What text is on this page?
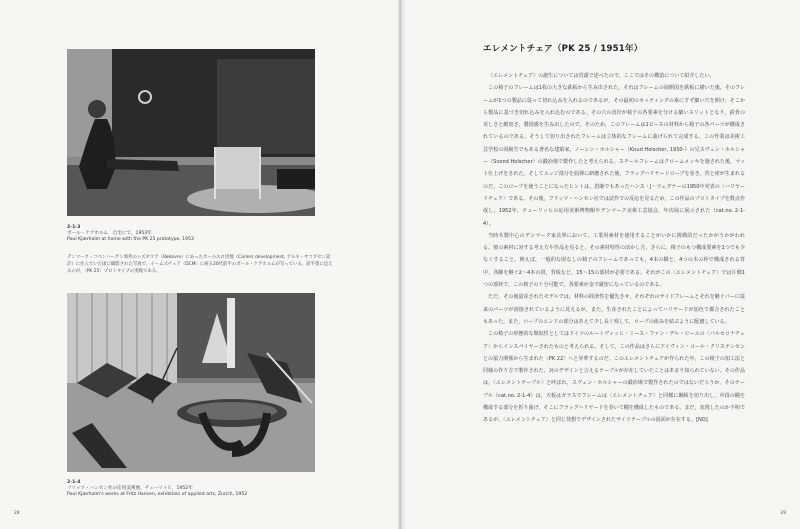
2-1-3
ポール・ケアホルム　自宅にて，1953年
Poul Kjærholm at home with the PK 25 prototype, 1953
デンマーク・コペンハーゲン郊外のレズオウア（Rødovre）にあったカールスロ団地（Carlers development, アルネ・ヤコブセン設計）に住んでいた頃に撮影された写真で，イームズチェア〈DCM〉に座る20代前半のポール・ケアホルムが写っている。前半奥に見えるのが，〈PK 25〉プロトタイプの実践である。
2-1-4
フリッツ・ハンセン社の応用美術展，チューリッヒ，1952年
Poul Kjærholm's works at Fritz Hansen, exhibition of applied arts, Zurich, 1952
28
エレメントチェア（PK 25 / 1951年）

〈エレメントチェア〉の誕生については冒頭で述べたので，ここではその構造について紹介したい。

この椅子のフレームは1枚の大きな鉄板から生み出された。それはフレームの展開図を鉄板に描いた後，そのフレームが1つの製品に従って切れ込みを入れるのであるが，その最初のカッティングの素にすず細い穴を開け，そこから製品に基づき切れ込みを入れ込むのである。その穴の直径が椅子の各要素を分ける細いスリットとなり，鉄骨の美しさと緻密さ，製図感を生み出したので，そのため，このフレームは1ピースの材料から椅子の各パーツが構成されているのである。そうして切り出されたフレームは立体的なフレームに曲げられて完成する。この作業は美術工芸学校の同級生でもある著名な建築家，ノーレン・ホルシャー（Knud Holscher, 1930-）の兄スヴェン・ホルシャー（Svend Holscher）の鍛冶場で製作したと考えられる。スチールフレームはクロームメッキを施された後，マット仕上げをされた。そしてエッジ部分を曲弾に研磨された後，フラッグハリヤードロープを巻き，背と座が生まれるのだ。このロープを使うことになったヒントは，恩師でもあったハンス・J・ウェグナーの1950年発表の〈ハリヤードチェア〉である。その後，フリッツ・ハンセン社では試作での反応を見るため，この作品のプロトタイプを数点作成し，1952年，チューリッヒの応用美術博物館やデンマーク美術工芸協会，年次展に展示された（cat.no. 2-1-4）。

当時木製中心のデンマーク家具界において，工業用素材を使用することがいかに挑戦的だったかがうかがわれる。彼の素材に対する考え方や作品を見ると，その素材特性の活かし方，さらに，椅子のもつ構成要素を1つでも少なくすること。例えば，一般的な財なしの椅子のフレームであっても，4本の脚と，4つの木の枠で構成される背中，各脚を継ぐ2～4本の貫，背板など，15～15の部材が必要である。それがこの〈エレメントチェア〉では片側1つの部材で，この椅子の十分可能で，各要素が金で厳密になっているのである。

ただ，その後量産されたモデルでは，材料の経済性を優先させ，それぞれのサイドフレームとそれを継ぐバーに従来のパーツが溶接されているように見えるが，また，生産されたことによってハリヤードが加色で都合されたこともあった。また，ロープのエンドの部分はあえて少し長く残して，ロープの組みを結ぶように配慮している。

この椅子の形態的な類似性としてはドイツのルートヴィッヒ・ミース・ファン・デル・ローエの〈バルセロナチェア〉からインスパイヤーされたものと考えられる。そして，この作品はさらにアイヴィン・コール・クリステンセンとの協力関係から生まれた〈PK 22〉へと昇華するのだ。このエレメントチェアが作られた年，この椅子の加工法と同様の作り方で製作された，対のデザインと言えるテーブルが存在していたことはあまり知られていない。その作品は，〈エレメントテーブル〉と呼ばれ，スヴェン・ホルシャーの鍛冶場で製作されたのではないだろうか。そのテーブル（cat.no. 2-1-4）は，天板はガラスでフレームは〈エレメントチェア〉と同様に鋼板を切り出し，中段の棚を構成する部分を折り曲げ，そこにフラッグハリヤードを巻いて棚を構成したものである。まだ，実現したのか不明であるが，〈エレメントチェア〉と同じ発想でデザインされたサイドテーブルの図面が存在する。[NO]

29
